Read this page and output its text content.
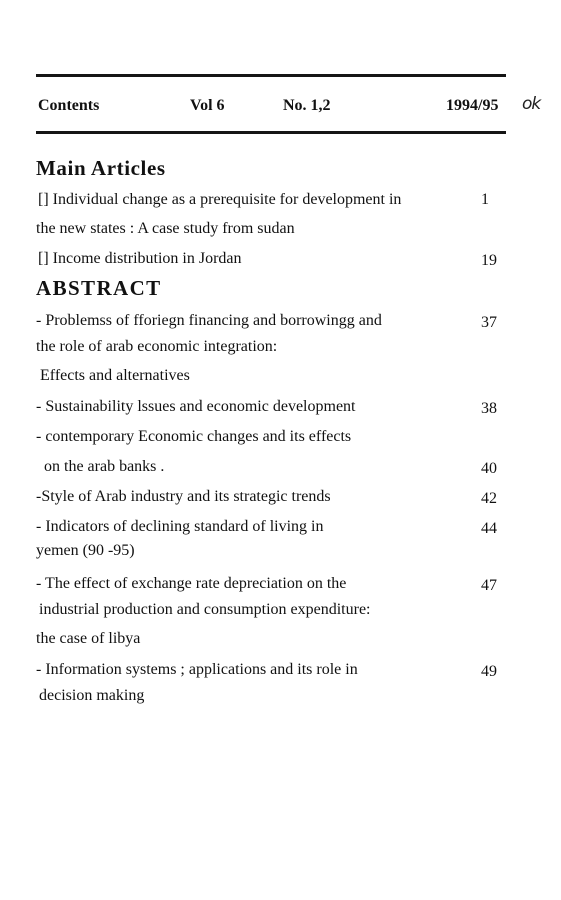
Contents	Vol 6	No. 1,2	1994/95 ok
Main Articles
[] Individual change as a prerequisite for development in	1
the new states : A case study from sudan
[] Income distribution in Jordan	19
ABSTRACT
- Problemss of fforiegn financing and borrowingg and	37
the role of arab economic integration:
Effects and alternatives
- Sustainability lssues and economic development	38
- contemporary Economic changes and its effects
on the arab banks .	40
-Style of Arab industry and its strategic trends	42
- Indicators of declining standard of living in	44
yemen (90 -95)
- The effect of exchange rate depreciation on the	47
industrial production and consumption expenditure:
the case of libya
- Information systems ; applications and its role in	49
decision making
